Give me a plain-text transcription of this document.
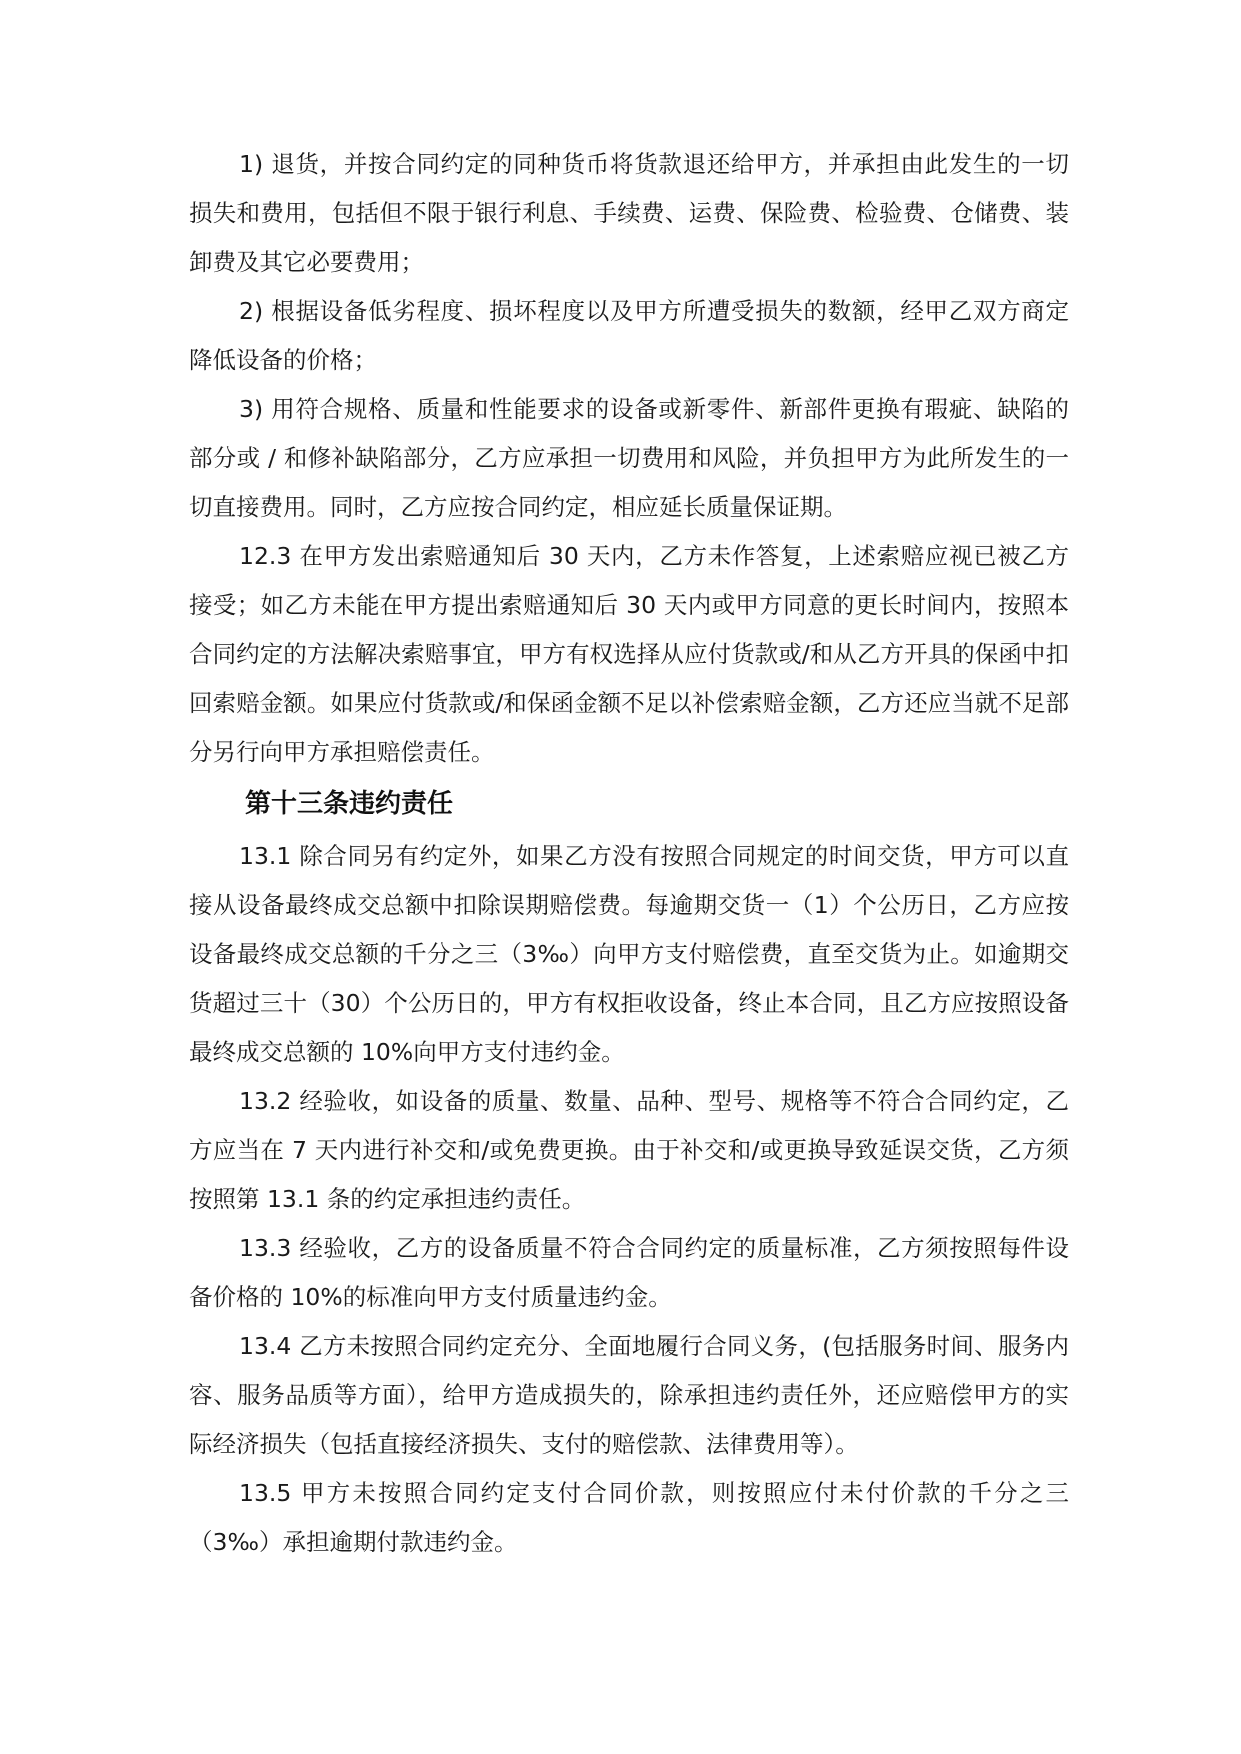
1) 退货，并按合同约定的同种货币将货款退还给甲方，并承担由此发生的一切损失和费用，包括但不限于银行利息、手续费、运费、保险费、检验费、仓储费、装卸费及其它必要费用；

2) 根据设备低劣程度、损坏程度以及甲方所遭受损失的数额，经甲乙双方商定降低设备的价格；

3) 用符合规格、质量和性能要求的设备或新零件、新部件更换有瑕疵、缺陷的部分或 / 和修补缺陷部分，乙方应承担一切费用和风险，并负担甲方为此所发生的一切直接费用。同时，乙方应按合同约定，相应延长质量保证期。

12.3 在甲方发出索赔通知后 30 天内，乙方未作答复，上述索赔应视已被乙方接受；如乙方未能在甲方提出索赔通知后 30 天内或甲方同意的更长时间内，按照本合同约定的方法解决索赔事宜，甲方有权选择从应付货款或/和从乙方开具的保函中扣回索赔金额。如果应付货款或/和保函金额不足以补偿索赔金额，乙方还应当就不足部分另行向甲方承担赔偿责任。

第十三条违约责任

13.1 除合同另有约定外，如果乙方没有按照合同规定的时间交货，甲方可以直接从设备最终成交总额中扣除误期赔偿费。每逾期交货一（1）个公历日，乙方应按设备最终成交总额的千分之三（3‰）向甲方支付赔偿费，直至交货为止。如逾期交货超过三十（30）个公历日的，甲方有权拒收设备，终止本合同，且乙方应按照设备最终成交总额的 10%向甲方支付违约金。

13.2 经验收，如设备的质量、数量、品种、型号、规格等不符合合同约定，乙方应当在 7 天内进行补交和/或免费更换。由于补交和/或更换导致延误交货，乙方须按照第 13.1 条的约定承担违约责任。

13.3 经验收，乙方的设备质量不符合合同约定的质量标准，乙方须按照每件设备价格的 10%的标准向甲方支付质量违约金。

13.4 乙方未按照合同约定充分、全面地履行合同义务，(包括服务时间、服务内容、服务品质等方面），给甲方造成损失的，除承担违约责任外，还应赔偿甲方的实际经济损失（包括直接经济损失、支付的赔偿款、法律费用等）。

13.5 甲方未按照合同约定支付合同价款，则按照应付未付价款的千分之三（3‰）承担逾期付款违约金。
